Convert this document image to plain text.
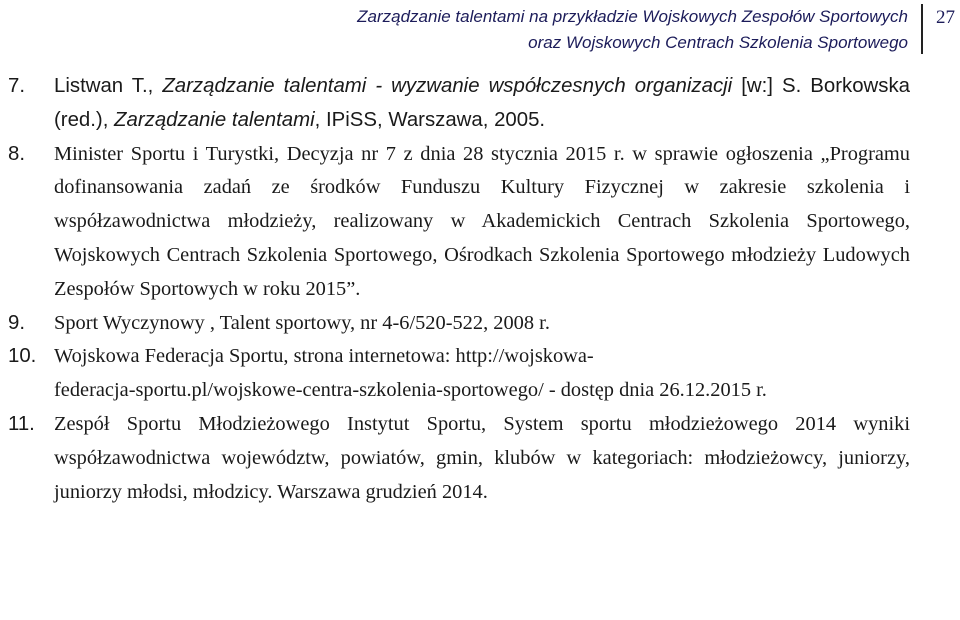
Zarządzanie talentami na przykładzie Wojskowych Zespołów Sportowych
oraz Wojskowych Centrach Szkolenia Sportowego
27
7.	Listwan T., Zarządzanie talentami - wyzwanie współczesnych organizacji [w:] S. Borkowska (red.), Zarządzanie talentami, IPiSS, Warszawa, 2005.
8.	Minister Sportu i Turystki, Decyzja nr 7 z dnia 28 stycznia 2015 r. w sprawie ogłoszenia „Programu dofinansowania zadań ze środków Funduszu Kultury Fizycznej w zakresie szkolenia i współzawodnictwa młodzieży, realizowany w Akademickich Centrach Szkolenia Sportowego, Wojskowych Centrach Szkolenia Sportowego, Ośrodkach Szkolenia Sportowego młodzieży Ludowych Zespołów Sportowych w roku 2015”.
9.	Sport Wyczynowy , Talent sportowy, nr 4-6/520-522, 2008 r.
10. Wojskowa Federacja Sportu, strona internetowa: http://wojskowa-
federacja-sportu.pl/wojskowe-centra-szkolenia-sportowego/ - dostęp dnia 26.12.2015 r.
11. Zespół Sportu Młodzieżowego Instytut Sportu, System sportu młodzieżowego 2014 wyniki współzawodnictwa województw, powiatów, gmin, klubów w kategoriach: młodzieżowcy, juniorzy, juniorzy młodsi, młodzicy. Warszawa grudzień 2014.
